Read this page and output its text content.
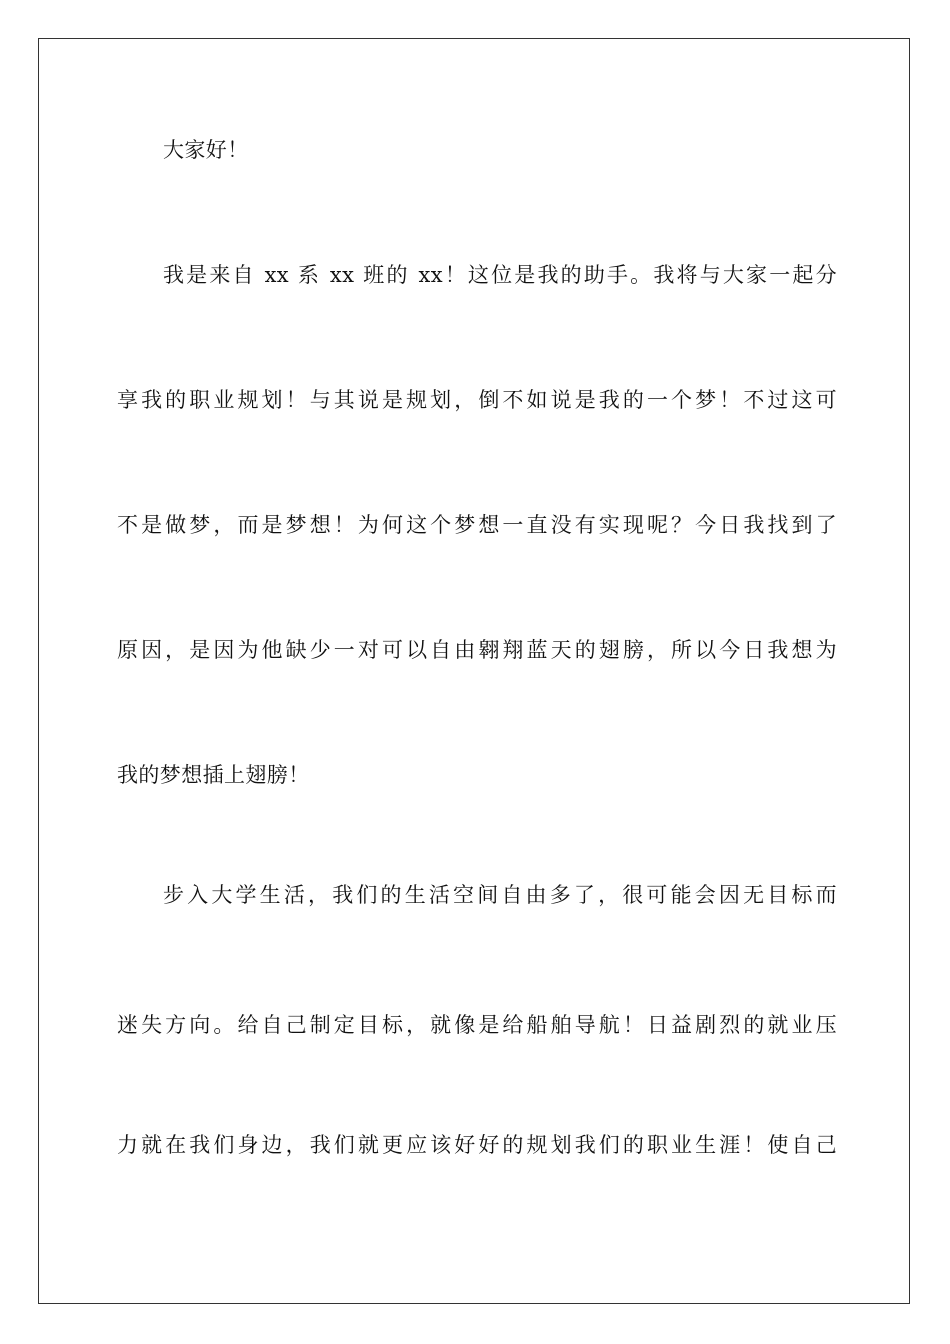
大家好！
我是来自 xx 系 xx 班的 xx！这位是我的助手。我将与大家一起分
享我的职业规划！与其说是规划，倒不如说是我的一个梦！不过这可
不是做梦，而是梦想！为何这个梦想一直没有实现呢？今日我找到了
原因，是因为他缺少一对可以自由翱翔蓝天的翅膀，所以今日我想为
我的梦想插上翅膀！
步入大学生活，我们的生活空间自由多了，很可能会因无目标而
迷失方向。给自己制定目标，就像是给船舶导航！日益剧烈的就业压
力就在我们身边，我们就更应该好好的规划我们的职业生涯！使自己
